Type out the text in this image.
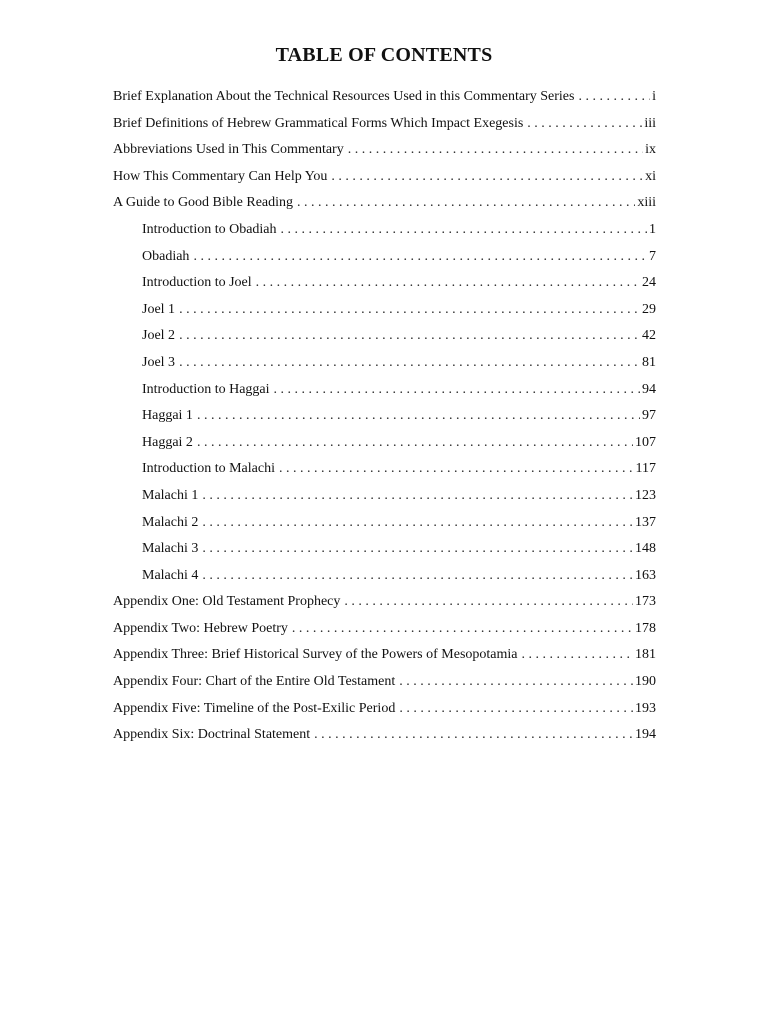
TABLE OF CONTENTS
Brief Explanation About the Technical Resources Used in this Commentary Series . . .	i
Brief Definitions of Hebrew Grammatical Forms Which Impact Exegesis . . .	iii
Abbreviations Used in This Commentary . . .	ix
How This Commentary Can Help You . . .	xi
A Guide to Good Bible Reading . . .	xiii
Introduction to Obadiah . . .	1
Obadiah . . .	7
Introduction to Joel . . .	24
Joel 1 . . .	29
Joel 2 . . .	42
Joel 3 . . .	81
Introduction to Haggai . . .	94
Haggai 1 . . .	97
Haggai 2 . . .	107
Introduction to Malachi . . .	117
Malachi 1 . . .	123
Malachi 2 . . .	137
Malachi 3 . . .	148
Malachi 4 . . .	163
Appendix One: Old Testament Prophecy . . .	173
Appendix Two: Hebrew Poetry . . .	178
Appendix Three: Brief Historical Survey of the Powers of Mesopotamia . . .	181
Appendix Four: Chart of the Entire Old Testament . . .	190
Appendix Five: Timeline of the Post-Exilic Period . . .	193
Appendix Six: Doctrinal Statement . . .	194
